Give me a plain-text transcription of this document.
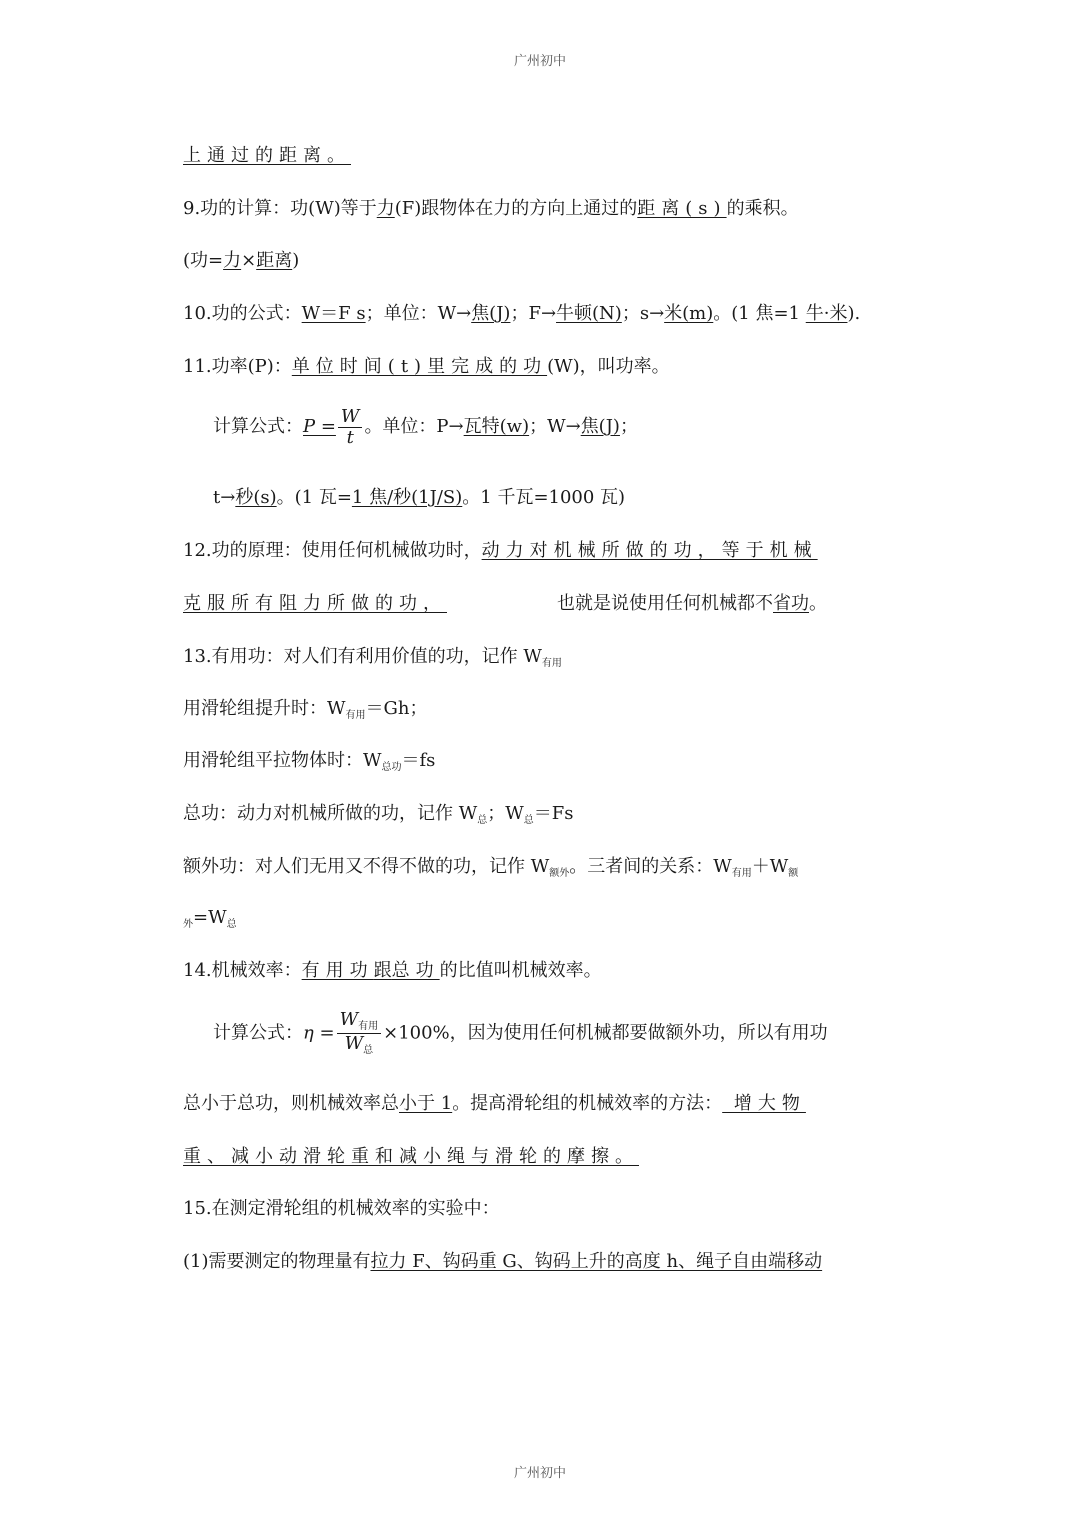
广州初中
上通过的距离。
9.功的计算：功(W)等于力(F)跟物体在力的方向上通过的距离(s)的乘积。
(功=力×距离)
10.功的公式：W＝F s；单位：W→焦(J)；F→牛顿(N)；s→米(m)。(1 焦=1 牛·米).
11.功率(P)：单位时间(t)里完成的功(W)，叫功率。
计算公式：$P = \frac{W}{t}$ 。单位：P→瓦特(w)；W→焦(J)；
t→秒(s)。(1 瓦=1 焦/秒(1J/S)。1 千瓦=1000 瓦)
12.功的原理：使用任何机械做功时，动力对机械所做的功，等于机械
克服所有阻力所做的功，	也就是说使用任何机械都不省功。
13.有用功：对人们有利用价值的功，记作 $W_{有用}$
用滑轮组提升时：$W_{有用}=Gh$；
用滑轮组平拉物体时：$W_{总功}=fs$
总功：动力对机械所做的功，记作 $W_总$；$W_总=Fs$
额外功：对人们无用又不得不做的功，记作 $W_{额外}$。三者间的关系：$W_{有用}+W_额$
$_外=W_总$
14.机械效率：有用功跟总功的比值叫机械效率。
计算公式：$\eta = \frac{W_{有用}}{W_总} \times 100\%$，因为使用任何机械都要做额外功，所以有用功
总小于总功，则机械效率总小于 1。提高滑轮组的机械效率的方法： 增大物
重、减小动滑轮重和减小绳与滑轮的摩擦。
15.在测定滑轮组的机械效率的实验中：
(1)需要测定的物理量有拉力 F、钩码重 G、钩码上升的高度 h、绳子自由端移动
广州初中
